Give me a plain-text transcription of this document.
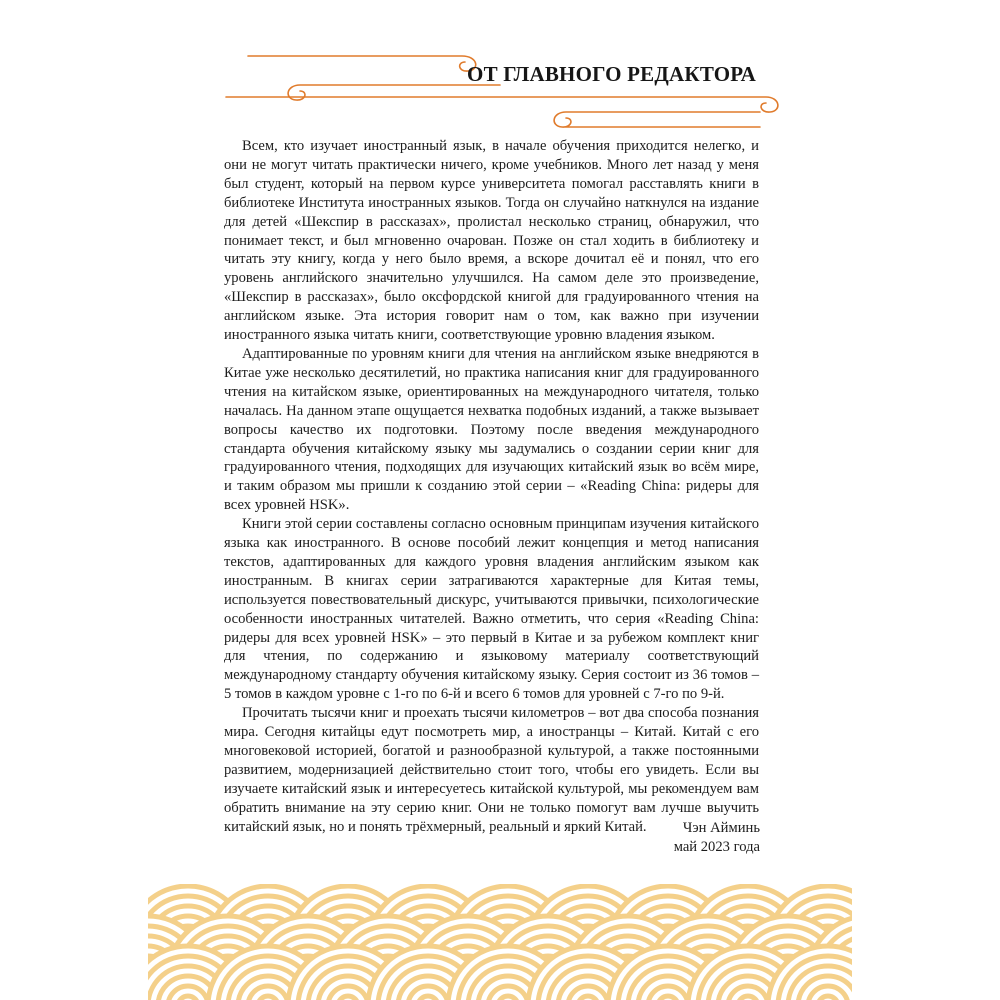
ОТ ГЛАВНОГО РЕДАКТОРА

Всем, кто изучает иностранный язык, в начале обучения приходится нелегко, и они не могут читать практически ничего, кроме учебников. Много лет назад у меня был студент, который на первом курсе университета помогал расставлять книги в библиотеке Института иностранных языков. Тогда он случайно наткнулся на издание для детей «Шекспир в рассказах», пролистал несколько страниц, обнаружил, что понимает текст, и был мгновенно очарован. Позже он стал ходить в библиотеку и читать эту книгу, когда у него было время, а вскоре дочитал её и понял, что его уровень английского значительно улучшился. На самом деле это произведение, «Шекспир в рассказах», было оксфордской книгой для градуированного чтения на английском языке. Эта история говорит нам о том, как важно при изучении иностранного языка читать книги, соответствующие уровню владения языком.

Адаптированные по уровням книги для чтения на английском языке внедряются в Китае уже несколько десятилетий, но практика написания книг для градуированного чтения на китайском языке, ориентированных на международного читателя, только началась. На данном этапе ощущается нехватка подобных изданий, а также вызывает вопросы качество их подготовки. Поэтому после введения международного стандарта обучения китайскому языку мы задумались о создании серии книг для градуированного чтения, подходящих для изучающих китайский язык во всём мире, и таким образом мы пришли к созданию этой серии – «Reading China: ридеры для всех уровней HSK».

Книги этой серии составлены согласно основным принципам изучения китайского языка как иностранного. В основе пособий лежит концепция и метод написания текстов, адаптированных для каждого уровня владения английским языком как иностранным. В книгах серии затрагиваются характерные для Китая темы, используется повествовательный дискурс, учитываются привычки, психологические особенности иностранных читателей. Важно отметить, что серия «Reading China: ридеры для всех уровней HSK» – это первый в Китае и за рубежом комплект книг для чтения, по содержанию и языковому материалу соответствующий международному стандарту обучения китайскому языку. Серия состоит из 36 томов – 5 томов в каждом уровне с 1-го по 6-й и всего 6 томов для уровней с 7-го по 9-й.

Прочитать тысячи книг и проехать тысячи километров – вот два способа познания мира. Сегодня китайцы едут посмотреть мир, а иностранцы – Китай. Китай с его многовековой историей, богатой и разнообразной культурой, а также постоянными развитием, модернизацией действительно стоит того, чтобы его увидеть. Если вы изучаете китайский язык и интересуетесь китайской культурой, мы рекомендуем вам обратить внимание на эту серию книг. Они не только помогут вам лучше выучить китайский язык, но и понять трёхмерный, реальный и яркий Китай.	Чэн Айминь
май 2023 года
